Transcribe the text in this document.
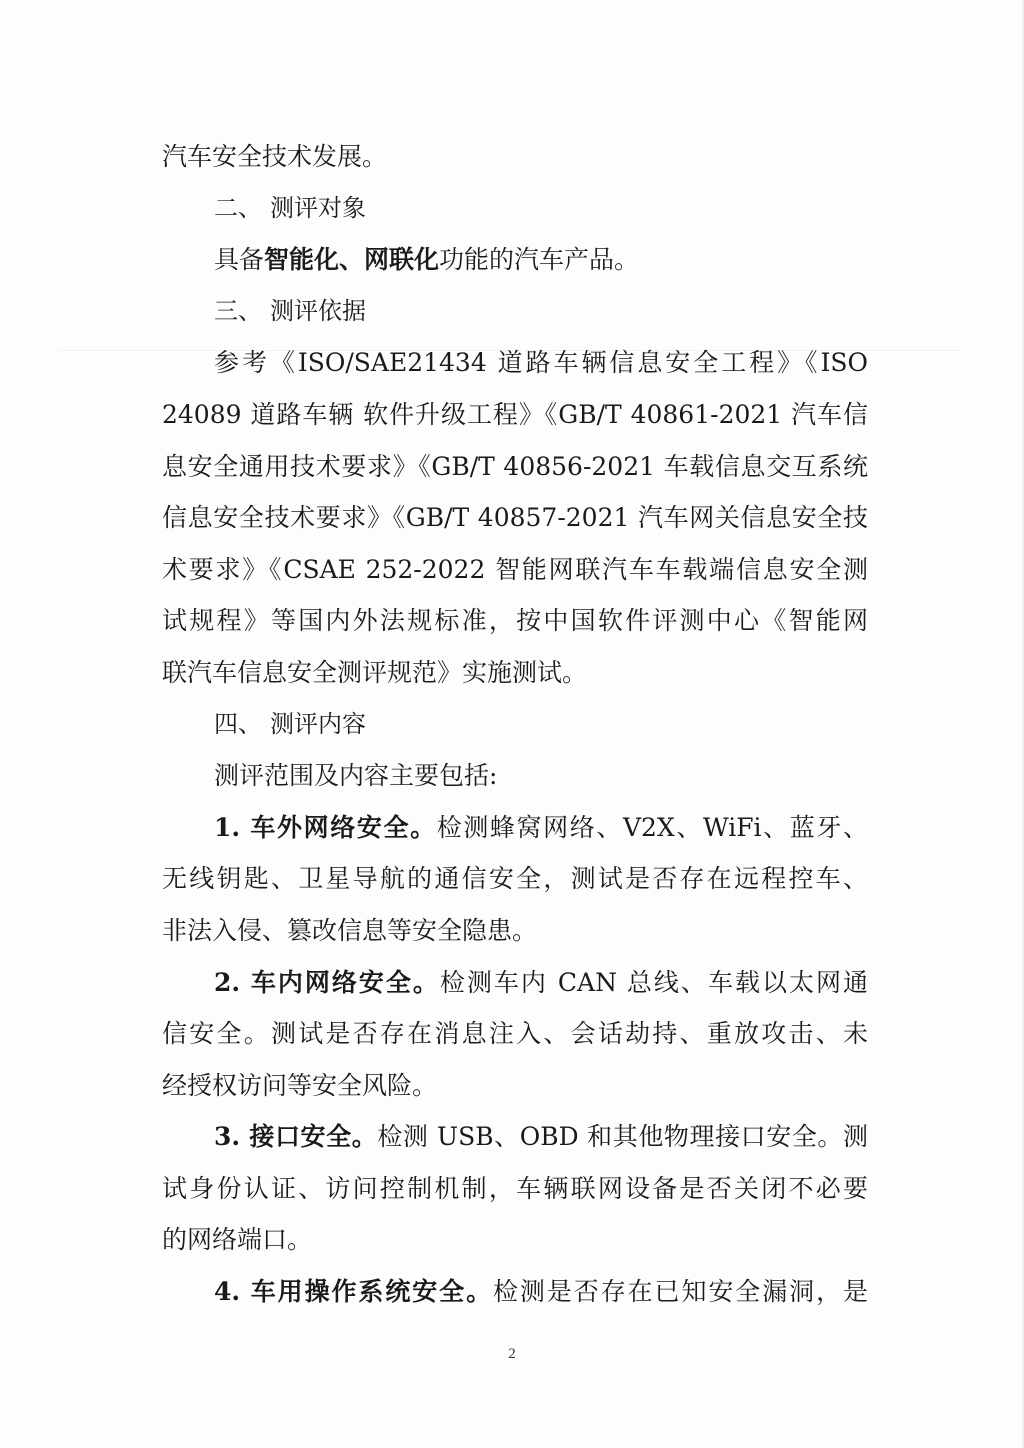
汽车安全技术发展。
二、 测评对象
具备智能化、网联化功能的汽车产品。
三、 测评依据
参考《ISO/SAE21434 道路车辆信息安全工程》《ISO
24089 道路车辆 软件升级工程》《GB/T 40861-2021 汽车信
息安全通用技术要求》《GB/T 40856-2021 车载信息交互系统
信息安全技术要求》《GB/T 40857-2021 汽车网关信息安全技
术要求》《CSAE 252-2022 智能网联汽车车载端信息安全测
试规程》等国内外法规标准，按中国软件评测中心《智能网
联汽车信息安全测评规范》实施测试。
四、 测评内容
测评范围及内容主要包括:
1. 车外网络安全。检测蜂窝网络、V2X、WiFi、蓝牙、
无线钥匙、卫星导航的通信安全，测试是否存在远程控车、
非法入侵、篡改信息等安全隐患。
2. 车内网络安全。检测车内 CAN 总线、车载以太网通
信安全。测试是否存在消息注入、会话劫持、重放攻击、未
经授权访问等安全风险。
3. 接口安全。检测 USB、OBD 和其他物理接口安全。测
试身份认证、访问控制机制，车辆联网设备是否关闭不必要
的网络端口。
4. 车用操作系统安全。检测是否存在已知安全漏洞，是
2
